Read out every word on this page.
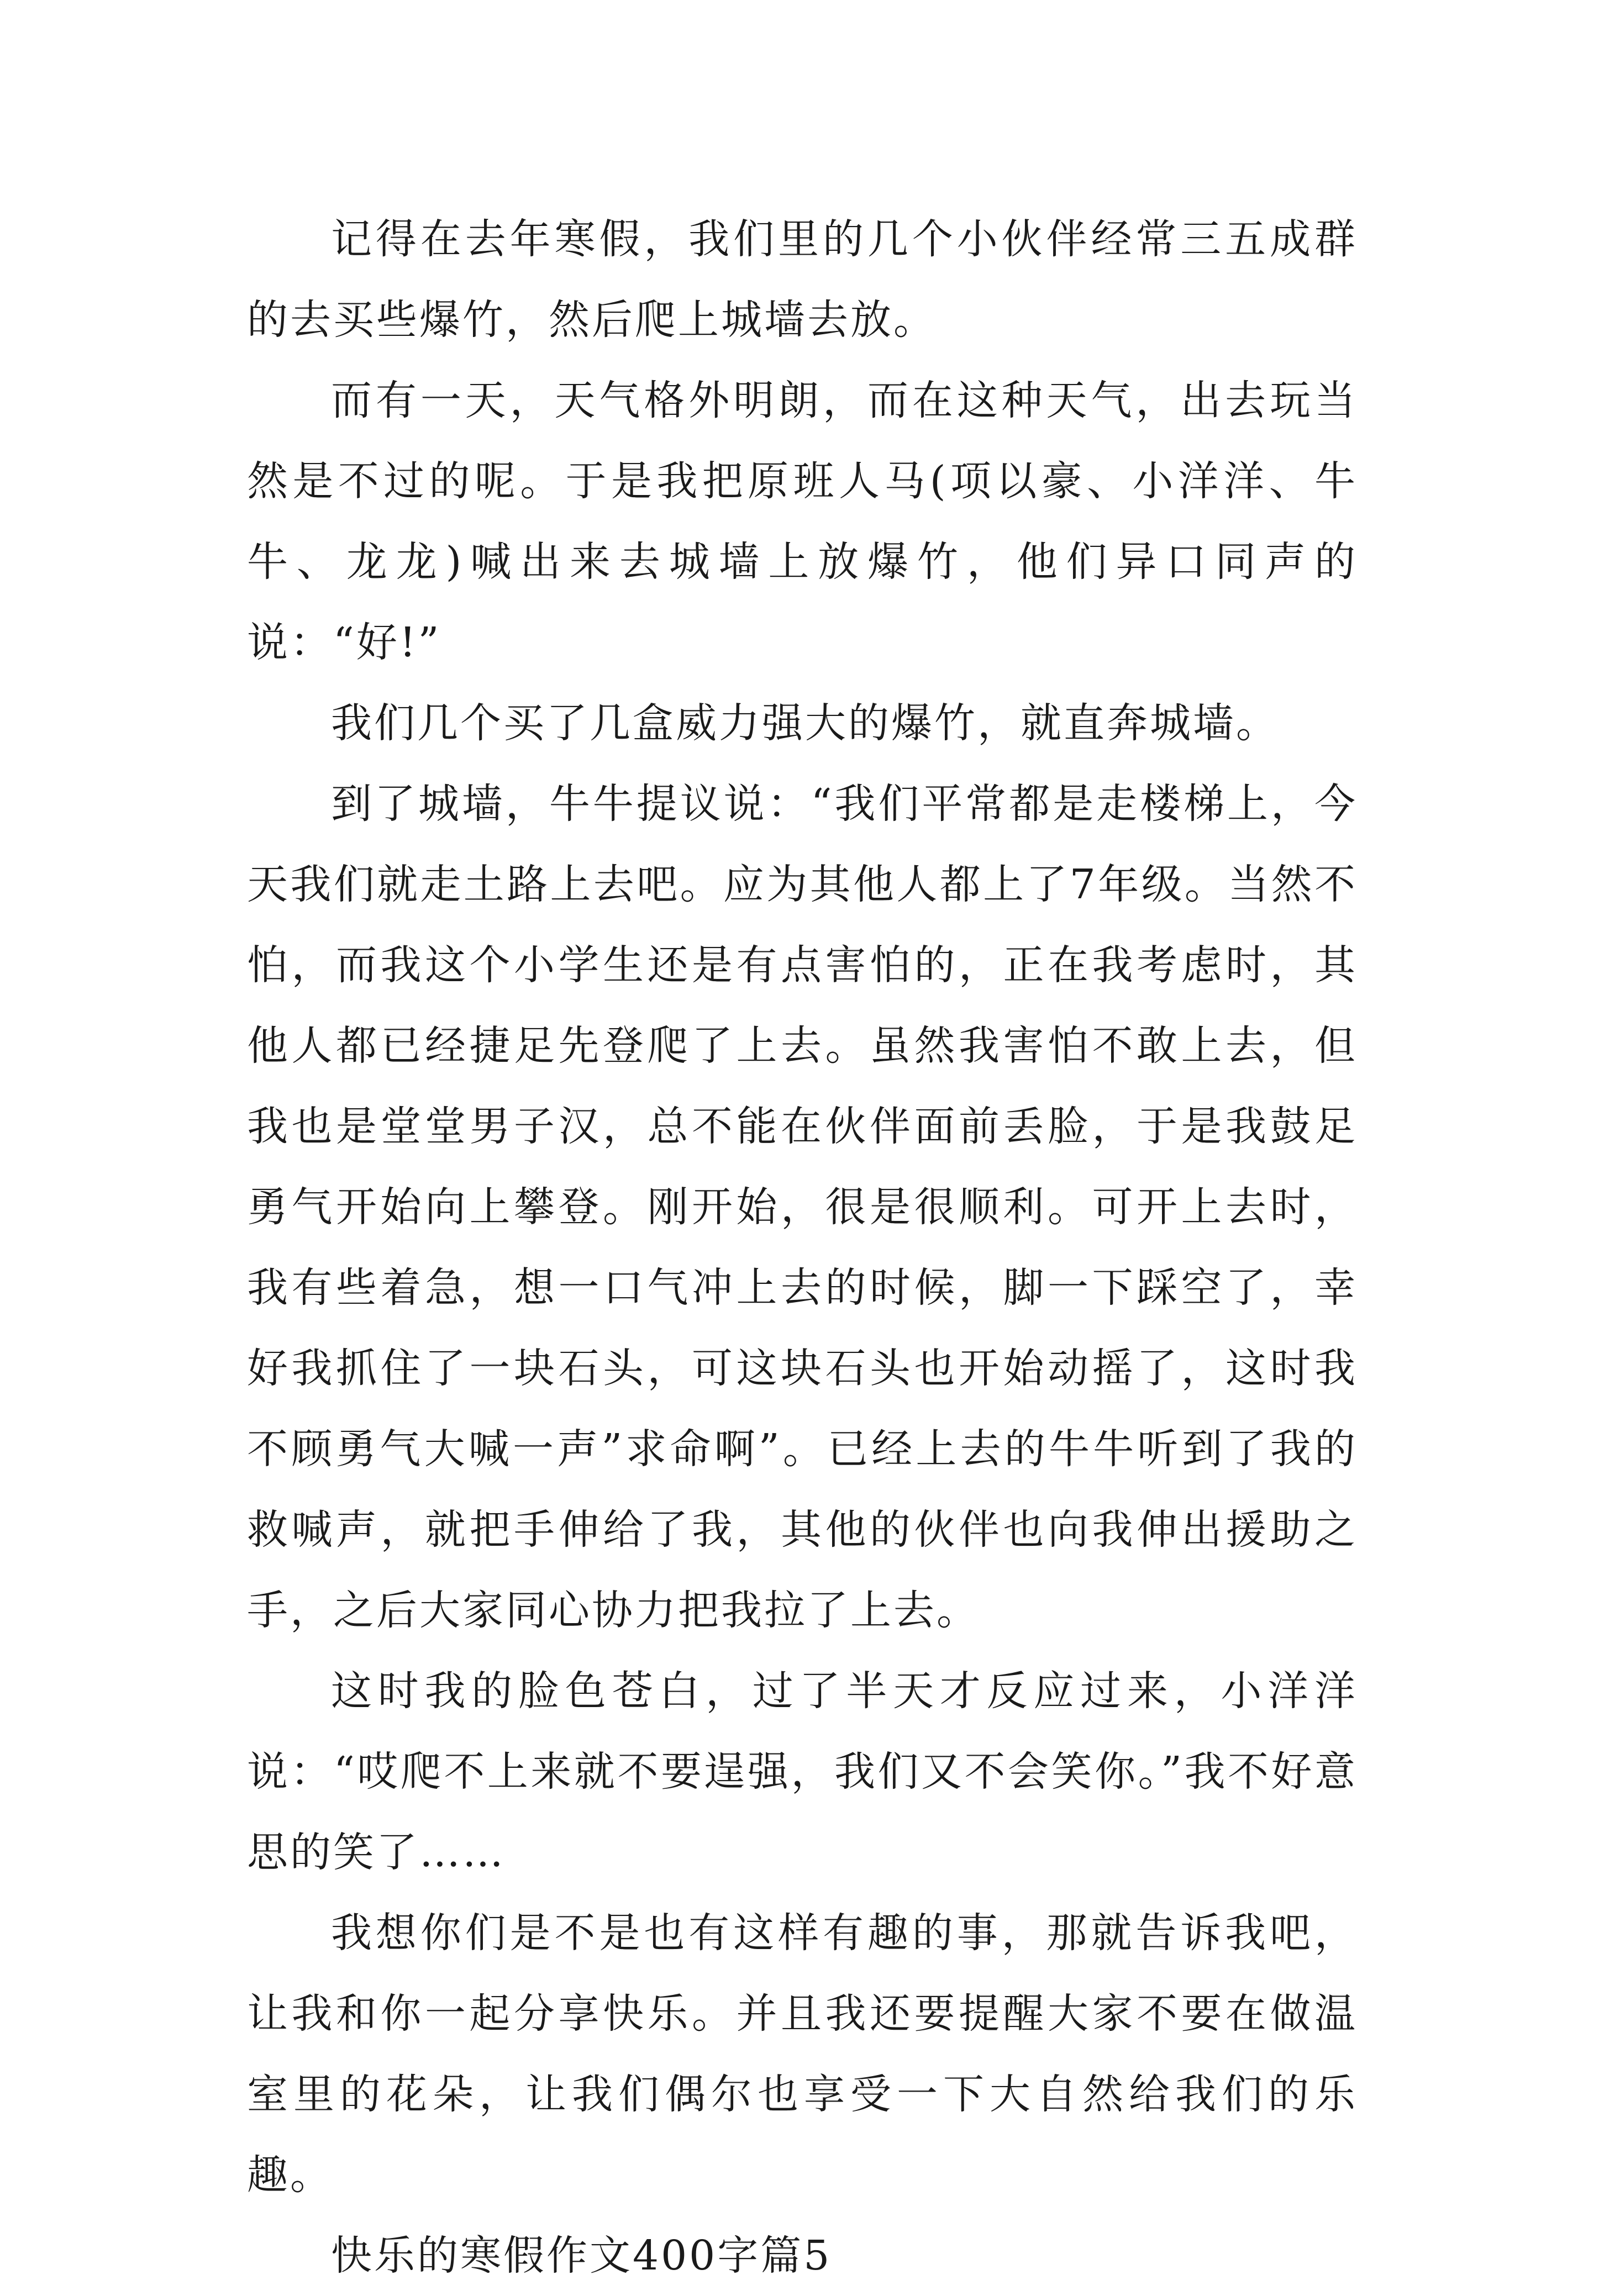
记得在去年寒假，我们里的几个小伙伴经常三五成群的去买些爆竹，然后爬上城墙去放。

而有一天，天气格外明朗，而在这种天气，出去玩当然是不过的呢。于是我把原班人马(项以豪、小洋洋、牛牛、龙龙)喊出来去城墙上放爆竹，他们异口同声的说：“好!”

我们几个买了几盒威力强大的爆竹，就直奔城墙。

到了城墙，牛牛提议说：“我们平常都是走楼梯上，今天我们就走土路上去吧。应为其他人都上了7年级。当然不怕，而我这个小学生还是有点害怕的，正在我考虑时，其他人都已经捷足先登爬了上去。虽然我害怕不敢上去，但我也是堂堂男子汉，总不能在伙伴面前丢脸，于是我鼓足勇气开始向上攀登。刚开始，很是很顺利。可开上去时，我有些着急，想一口气冲上去的时候，脚一下踩空了，幸好我抓住了一块石头，可这块石头也开始动摇了，这时我不顾勇气大喊一声”求命啊”。已经上去的牛牛听到了我的救喊声，就把手伸给了我，其他的伙伴也向我伸出援助之手，之后大家同心协力把我拉了上去。

这时我的脸色苍白，过了半天才反应过来，小洋洋说：“哎爬不上来就不要逞强，我们又不会笑你。”我不好意思的笑了……

我想你们是不是也有这样有趣的事，那就告诉我吧，让我和你一起分享快乐。并且我还要提醒大家不要在做温室里的花朵，让我们偶尔也享受一下大自然给我们的乐趣。

快乐的寒假作文400字篇5
